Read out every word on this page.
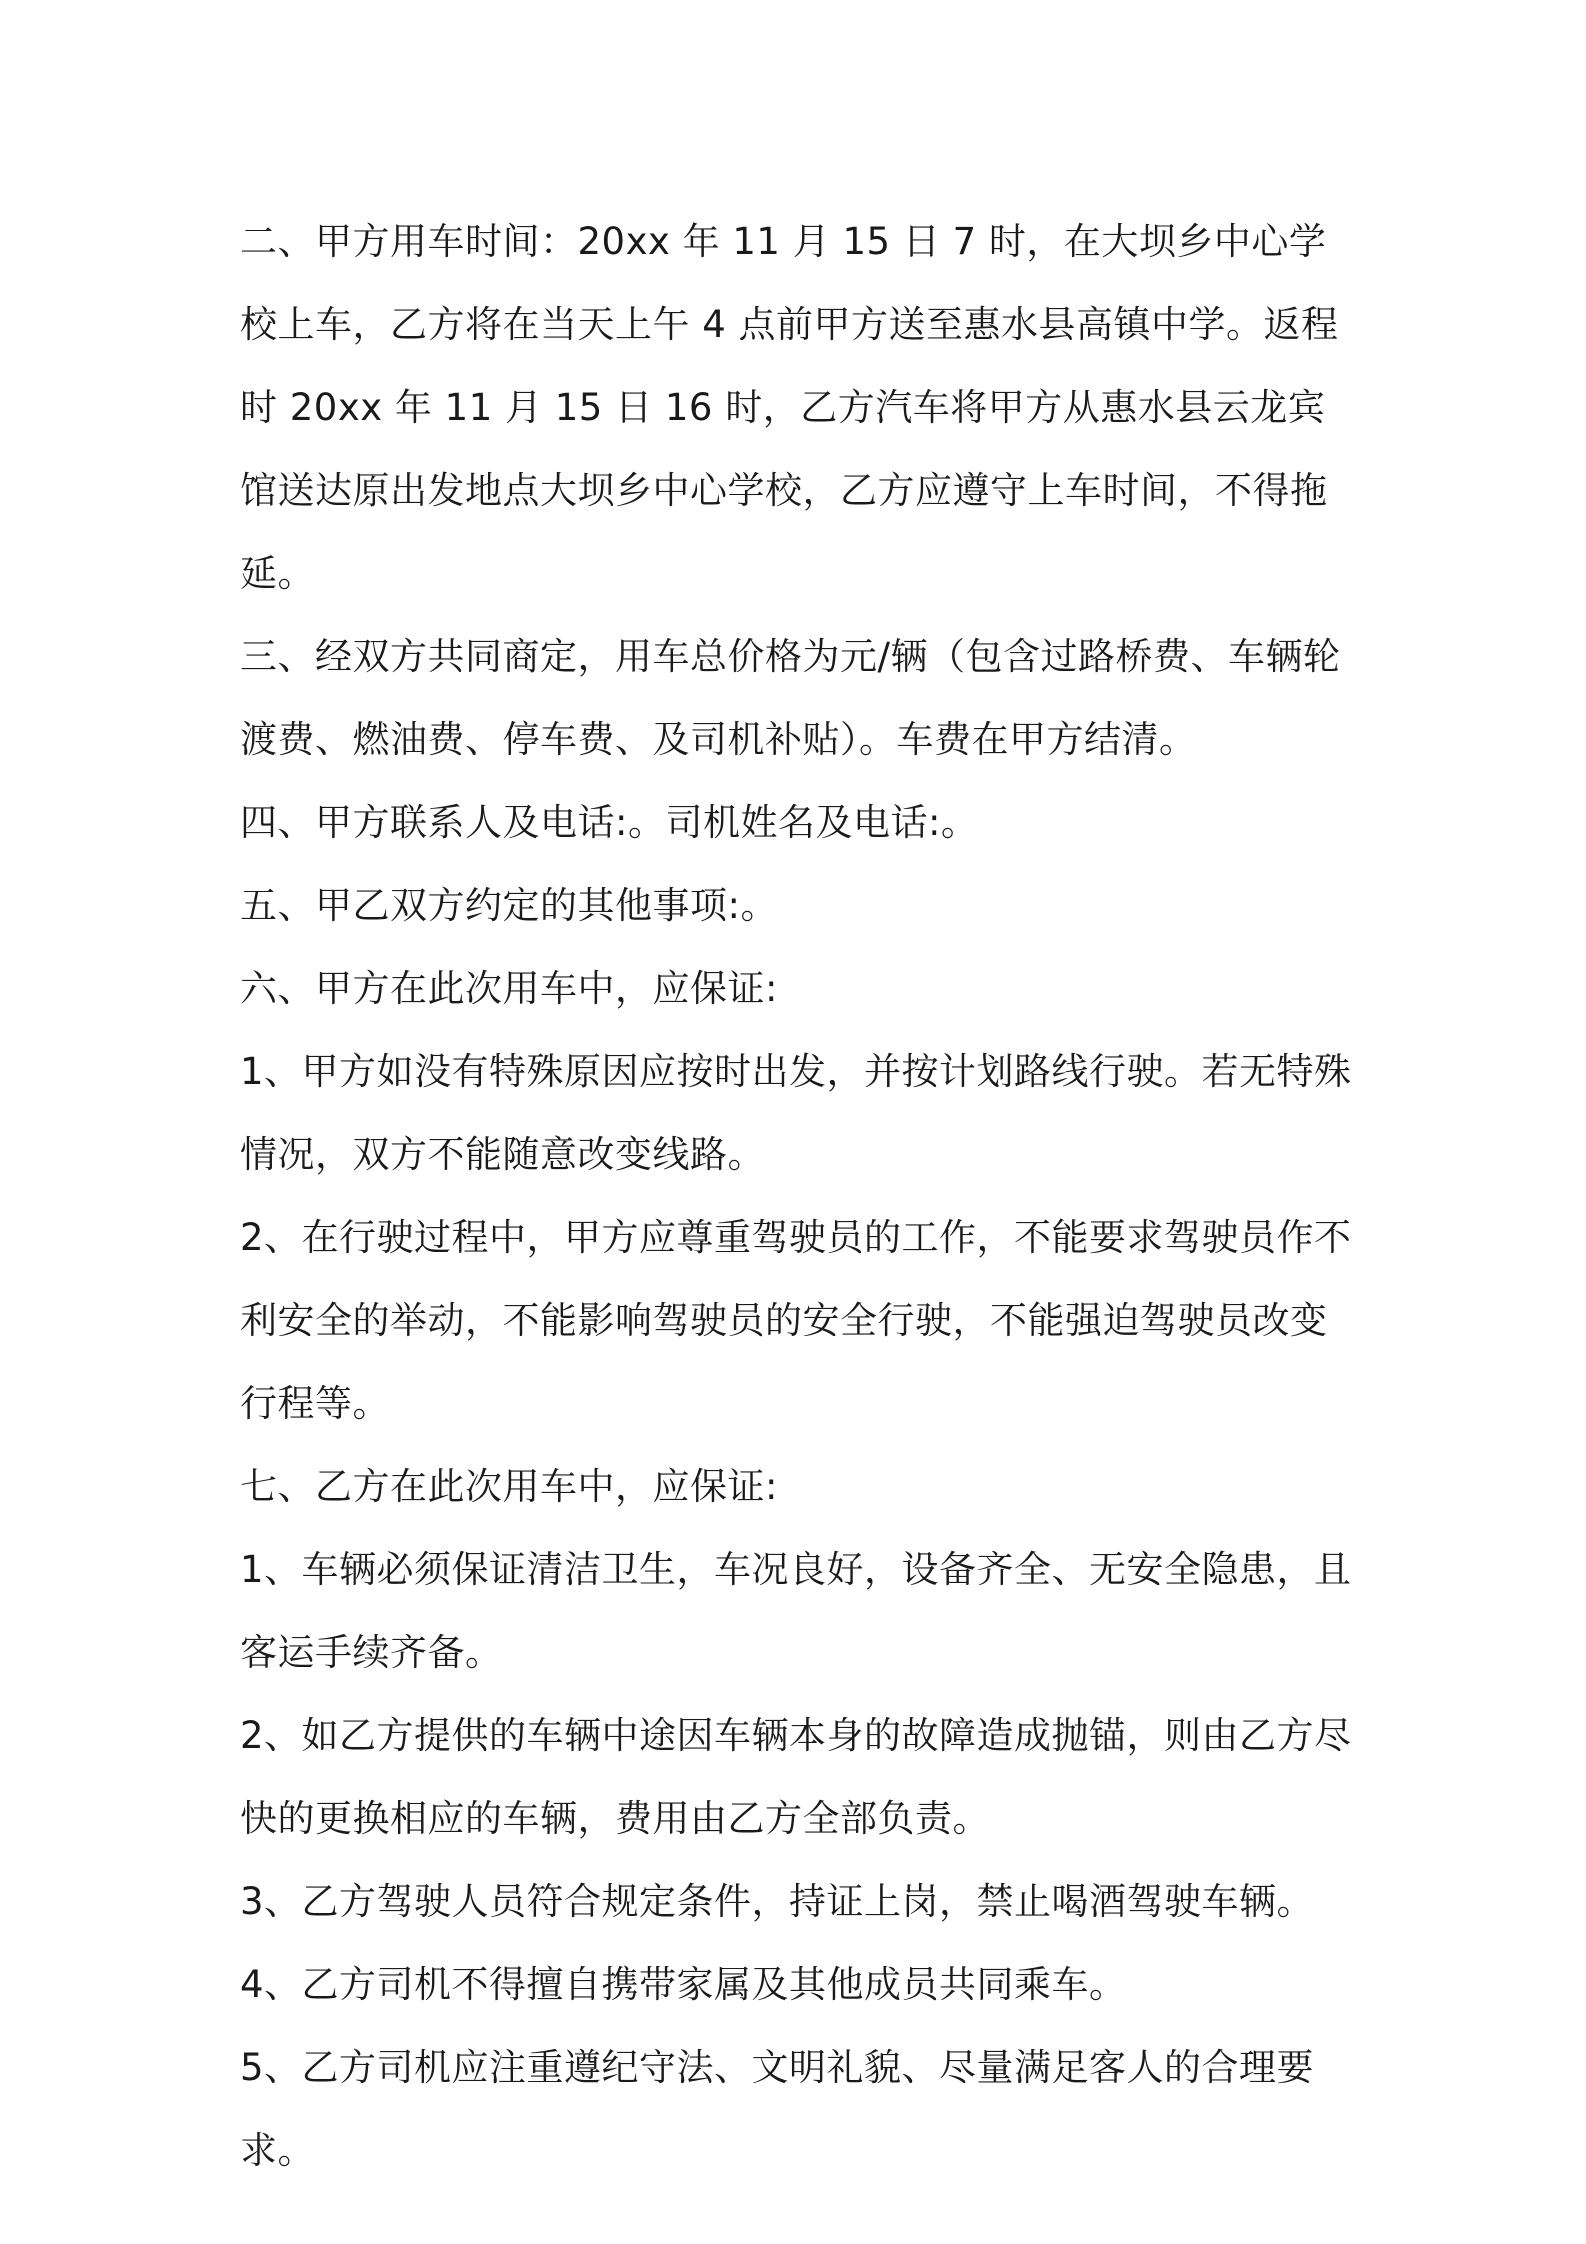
二、甲方用车时间：20xx 年 11 月 15 日 7 时，在大坝乡中心学校上车，乙方将在当天上午 4 点前甲方送至惠水县高镇中学。返程时 20xx 年 11 月 15 日 16 时，乙方汽车将甲方从惠水县云龙宾馆送达原出发地点大坝乡中心学校，乙方应遵守上车时间，不得拖延。

三、经双方共同商定，用车总价格为元/辆（包含过路桥费、车辆轮渡费、燃油费、停车费、及司机补贴）。车费在甲方结清。

四、甲方联系人及电话:。司机姓名及电话:。

五、甲乙双方约定的其他事项:。

六、甲方在此次用车中，应保证:

1、甲方如没有特殊原因应按时出发，并按计划路线行驶。若无特殊情况，双方不能随意改变线路。

2、在行驶过程中，甲方应尊重驾驶员的工作，不能要求驾驶员作不利安全的举动，不能影响驾驶员的安全行驶，不能强迫驾驶员改变行程等。

七、乙方在此次用车中，应保证:

1、车辆必须保证清洁卫生，车况良好，设备齐全、无安全隐患，且客运手续齐备。

2、如乙方提供的车辆中途因车辆本身的故障造成抛锚，则由乙方尽快的更换相应的车辆，费用由乙方全部负责。

3、乙方驾驶人员符合规定条件，持证上岗，禁止喝酒驾驶车辆。

4、乙方司机不得擅自携带家属及其他成员共同乘车。

5、乙方司机应注重遵纪守法、文明礼貌、尽量满足客人的合理要求。
